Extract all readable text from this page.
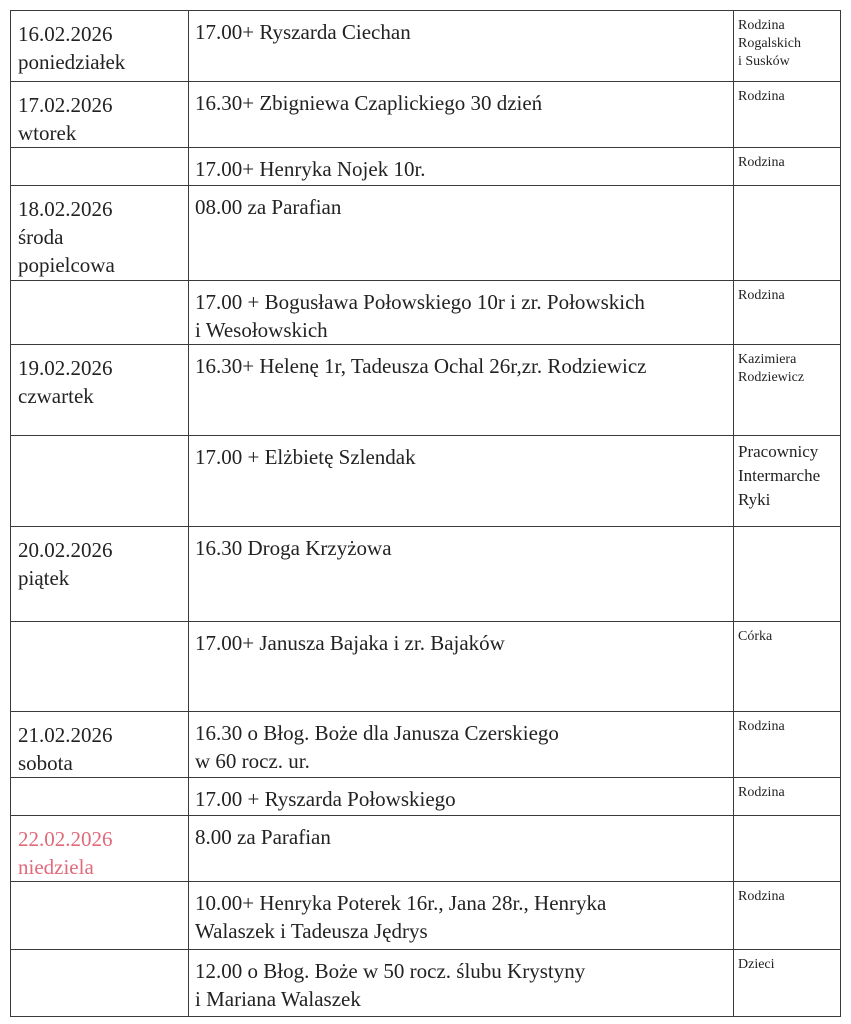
16.02.2026
poniedziałek	17.00+ Ryszarda Ciechan	Rodzina
Rogalskich
i Susków

17.02.2026
wtorek	16.30+ Zbigniewa Czaplickiego 30 dzień	Rodzina

	17.00+ Henryka Nojek 10r.	Rodzina

18.02.2026
środa
popielcowa	08.00 za Parafian	

	17.00 + Bogusława Połowskiego 10r i zr. Połowskich
i Wesołowskich	Rodzina

19.02.2026
czwartek	16.30+ Helenę 1r, Tadeusza Ochal 26r,zr. Rodziewicz	Kazimiera
Rodziewicz

	17.00 + Elżbietę Szlendak	Pracownicy
Intermarche
Ryki

20.02.2026
piątek	16.30 Droga Krzyżowa	

	17.00+ Janusza Bajaka i zr. Bajaków	Córka

21.02.2026
sobota	16.30 o Błog. Boże dla Janusza Czerskiego
w 60 rocz. ur.	Rodzina

	17.00 + Ryszarda Połowskiego	Rodzina

22.02.2026
niedziela	8.00 za Parafian	

	10.00+ Henryka Poterek 16r., Jana 28r., Henryka
Walaszek i Tadeusza Jędrys	Rodzina

	12.00 o Błog. Boże w 50 rocz. ślubu Krystyny
i Mariana Walaszek	Dzieci
